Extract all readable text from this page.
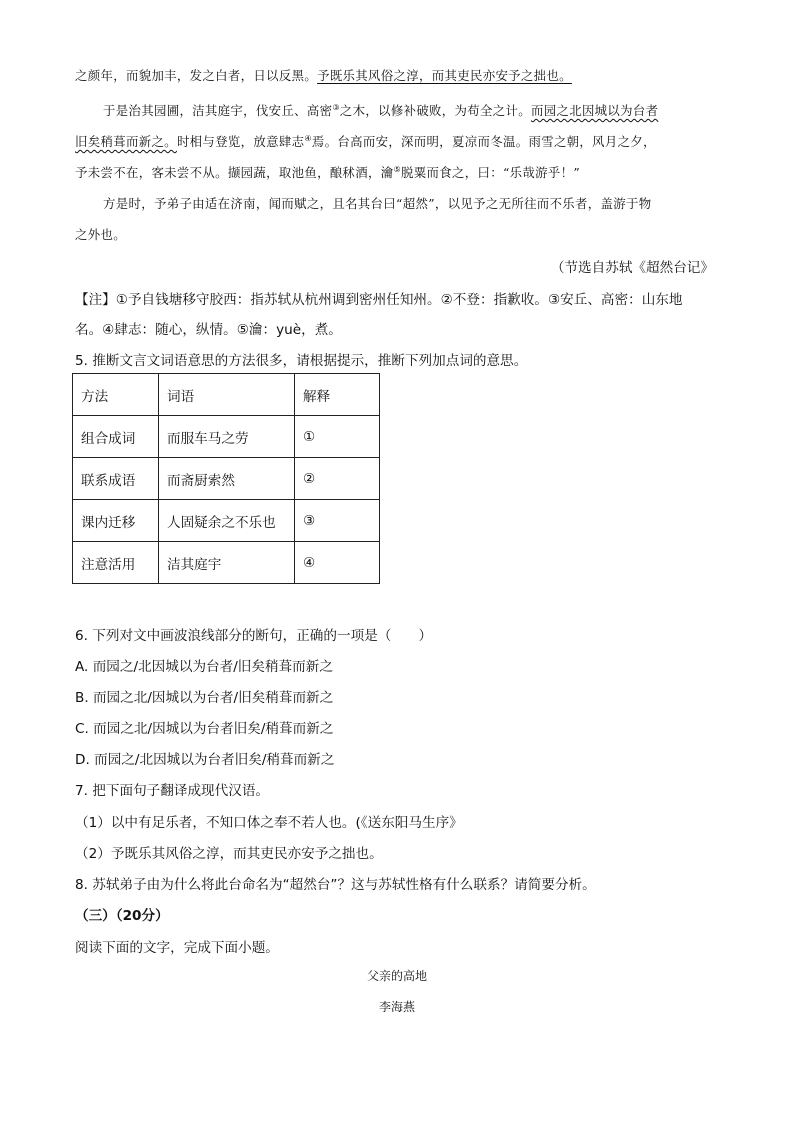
之颜年，而貌加丰，发之白者，日以反黑。予既乐其风俗之淳，而其吏民亦安予之拙也。
于是治其园圃，洁其庭宇，伐安丘、高密③之木，以修补破败，为苟全之计。而园之北因城以为台者
旧矣稍葺而新之。时相与登览，放意肆志④焉。台高而安，深而明，夏凉而冬温。雨雪之朝，风月之夕，
予未尝不在，客未尝不从。撷园蔬，取池鱼，酿秫酒，瀹⑤脱粟而食之，曰：“乐哉游乎！”
方是时，予弟子由适在济南，闻而赋之，且名其台曰“超然”，以见予之无所往而不乐者，盖游于物
之外也。
（节选自苏轼《超然台记》
【注】①予自钱塘移守胶西：指苏轼从杭州调到密州任知州。②不登：指歉收。③安丘、高密：山东地
名。④肆志：随心，纵情。⑤瀹：yuè，煮。
5. 推断文言文词语意思的方法很多，请根据提示，推断下列加点词的意思。
方法	词语	解释
组合成词	而服车马之劳	①
联系成语	而斋厨索然	②
课内迁移	人固疑余之不乐也	③
注意活用	洁其庭宇	④
6. 下列对文中画波浪线部分的断句，正确的一项是（　　）
A. 而园之/北因城以为台者/旧矣稍葺而新之
B. 而园之北/因城以为台者/旧矣稍葺而新之
C. 而园之北/因城以为台者旧矣/稍葺而新之
D. 而园之/北因城以为台者旧矣/稍葺而新之
7. 把下面句子翻译成现代汉语。
（1）以中有足乐者，不知口体之奉不若人也。(《送东阳马生序》
（2）予既乐其风俗之淳，而其吏民亦安予之拙也。
8. 苏轼弟子由为什么将此台命名为“超然台”？这与苏轼性格有什么联系？请简要分析。
（三）（20分）
阅读下面的文字，完成下面小题。
父亲的高地
李海燕
